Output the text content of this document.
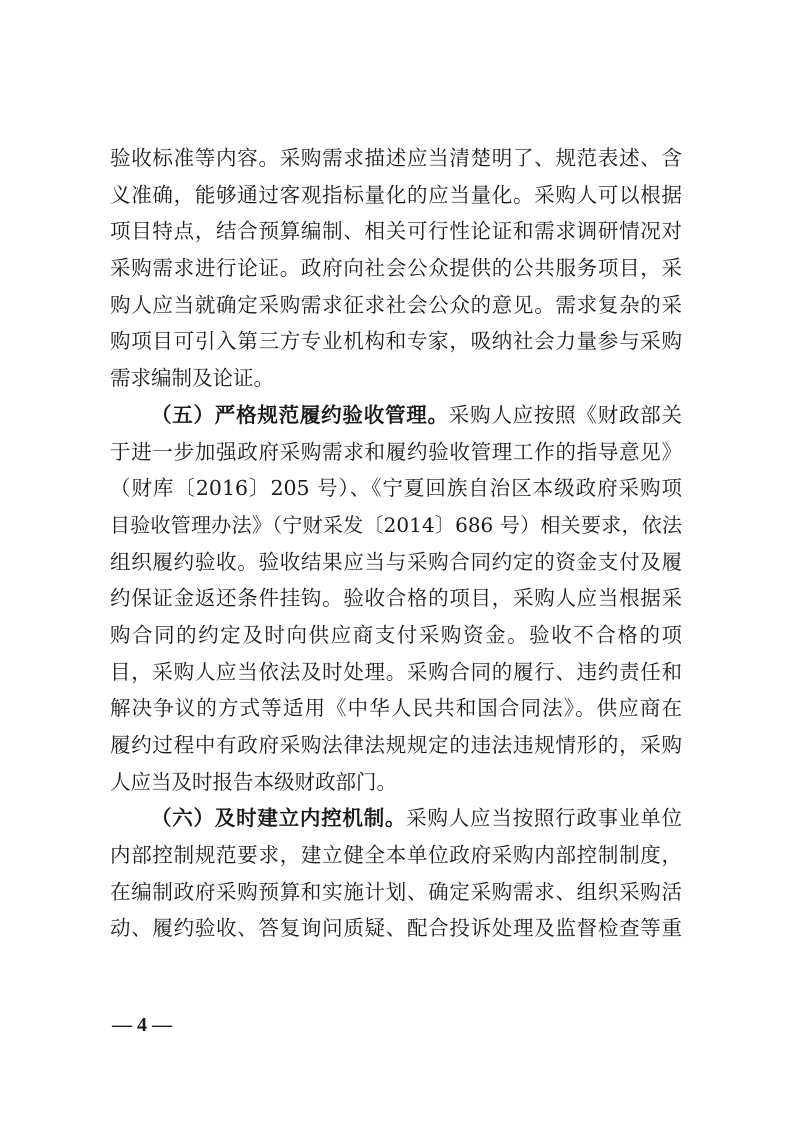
验收标准等内容。采购需求描述应当清楚明了、规范表述、含
义准确，能够通过客观指标量化的应当量化。采购人可以根据
项目特点，结合预算编制、相关可行性论证和需求调研情况对
采购需求进行论证。政府向社会公众提供的公共服务项目，采
购人应当就确定采购需求征求社会公众的意见。需求复杂的采
购项目可引入第三方专业机构和专家，吸纳社会力量参与采购
需求编制及论证。
（五）严格规范履约验收管理。采购人应按照《财政部关
于进一步加强政府采购需求和履约验收管理工作的指导意见》
（财库〔2016〕205 号）、《宁夏回族自治区本级政府采购项
目验收管理办法》（宁财采发〔2014〕686 号）相关要求，依法
组织履约验收。验收结果应当与采购合同约定的资金支付及履
约保证金返还条件挂钩。验收合格的项目，采购人应当根据采
购合同的约定及时向供应商支付采购资金。验收不合格的项
目，采购人应当依法及时处理。采购合同的履行、违约责任和
解决争议的方式等适用《中华人民共和国合同法》。供应商在
履约过程中有政府采购法律法规规定的违法违规情形的，采购
人应当及时报告本级财政部门。
（六）及时建立内控机制。采购人应当按照行政事业单位
内部控制规范要求，建立健全本单位政府采购内部控制制度，
在编制政府采购预算和实施计划、确定采购需求、组织采购活
动、履约验收、答复询问质疑、配合投诉处理及监督检查等重
— 4 —
